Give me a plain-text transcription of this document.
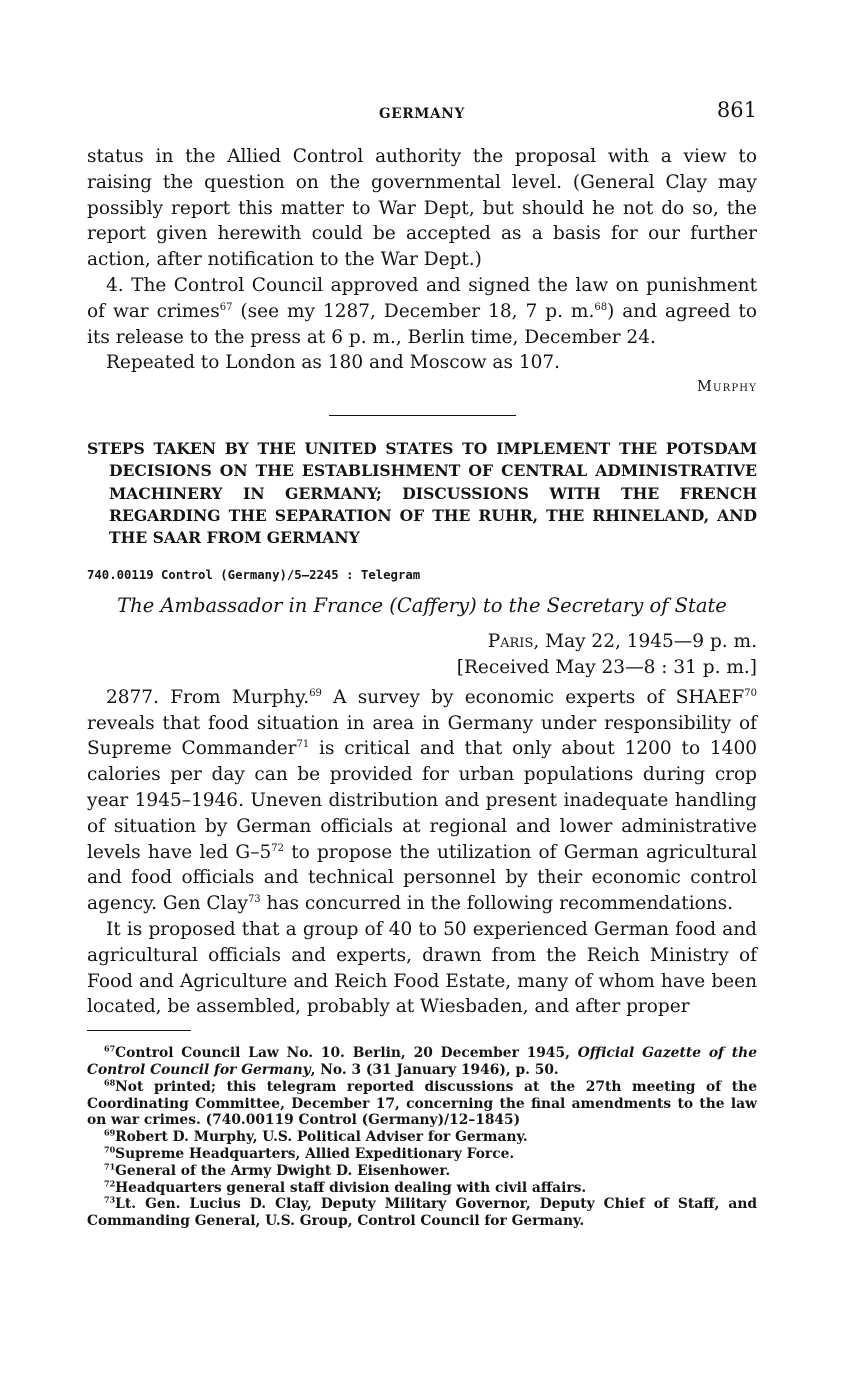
GERMANY	861

status in the Allied Control authority the proposal with a view to raising the question on the governmental level. (General Clay may possibly report this matter to War Dept, but should he not do so, the report given herewith could be accepted as a basis for our further action, after notification to the War Dept.)

4. The Control Council approved and signed the law on punishment of war crimes$^{67}$ (see my 1287, December 18, 7 p. m.$^{68}$) and agreed to its release to the press at 6 p. m., Berlin time, December 24.

Repeated to London as 180 and Moscow as 107.

Murphy
STEPS TAKEN BY THE UNITED STATES TO IMPLEMENT THE POTSDAM DECISIONS ON THE ESTABLISHMENT OF CENTRAL ADMINISTRATIVE MACHINERY IN GERMANY; DISCUSSIONS WITH THE FRENCH REGARDING THE SEPARATION OF THE RUHR, THE RHINELAND, AND THE SAAR FROM GERMANY
740.00119 Control (Germany)/5–2245 : Telegram
The Ambassador in France (Caffery) to the Secretary of State
Paris, May 22, 1945—9 p. m.
[Received May 23—8 : 31 p. m.]

2877. From Murphy.$^{69}$ A survey by economic experts of SHAEF$^{70}$ reveals that food situation in area in Germany under responsibility of Supreme Commander$^{71}$ is critical and that only about 1200 to 1400 calories per day can be provided for urban populations during crop year 1945–1946. Uneven distribution and present inadequate handling of situation by German officials at regional and lower administrative levels have led $G-5^{72}$ to propose the utilization of German agricultural and food officials and technical personnel by their economic control agency. Gen Clay$^{73}$ has concurred in the following recommendations.

It is proposed that a group of 40 to 50 experienced German food and agricultural officials and experts, drawn from the Reich Ministry of Food and Agriculture and Reich Food Estate, many of whom have been located, be assembled, probably at Wiesbaden, and after proper

$^{67}$Control Council Law No. 10. Berlin, 20 December 1945, Official Gazette of the Control Council for Germany, No. 3 (31 January 1946), p. 50.

$^{68}$Not printed; this telegram reported discussions at the 27th meeting of the Coordinating Committee, December 17, concerning the final amendments to the law on war crimes. (740.00119 Control (Germany)/12–1845)

$^{69}$Robert D. Murphy, U.S. Political Adviser for Germany.

$^{70}$Supreme Headquarters, Allied Expeditionary Force.

$^{71}$General of the Army Dwight D. Eisenhower.

$^{72}$Headquarters general staff division dealing with civil affairs.

$^{73}$Lt. Gen. Lucius D. Clay, Deputy Military Governor, Deputy Chief of Staff, and Commanding General, U.S. Group, Control Council for Germany.
